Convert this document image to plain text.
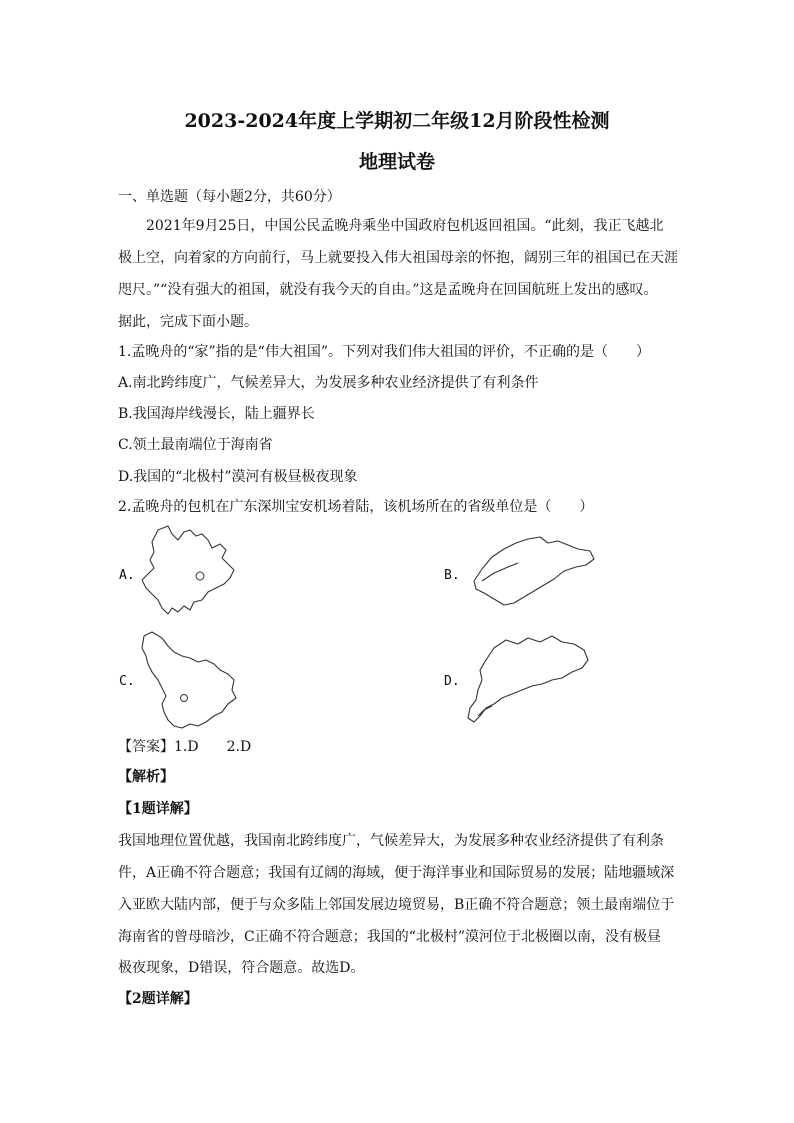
2023-2024年度上学期初二年级12月阶段性检测
地理试卷
一、单选题（每小题2分，共60分）
2021年9月25日，中国公民孟晚舟乘坐中国政府包机返回祖国。“此刻，我正飞越北
极上空，向着家的方向前行，马上就要投入伟大祖国母亲的怀抱，阔别三年的祖国已在天涯
咫尺。”“没有强大的祖国，就没有我今天的自由。”这是孟晚舟在回国航班上发出的感叹。
据此，完成下面小题。
1.孟晚舟的“家”指的是“伟大祖国”。下列对我们伟大祖国的评价，不正确的是（　　）
A.南北跨纬度广，气候差异大，为发展多种农业经济提供了有利条件
B.我国海岸线漫长，陆上疆界长
C.领土最南端位于海南省
D.我国的“北极村”漠河有极昼极夜现象
2.孟晚舟的包机在广东深圳宝安机场着陆，该机场所在的省级单位是（　　）
A.	B.
C.	D.
【答案】1.D　　2.D
【解析】
【1题详解】
我国地理位置优越，我国南北跨纬度广，气候差异大，为发展多种农业经济提供了有利条
件，A正确不符合题意；我国有辽阔的海域，便于海洋事业和国际贸易的发展；陆地疆域深
入亚欧大陆内部，便于与众多陆上邻国发展边境贸易，B正确不符合题意；领土最南端位于
海南省的曾母暗沙，C正确不符合题意；我国的“北极村”漠河位于北极圈以南，没有极昼
极夜现象，D错误，符合题意。故选D。
【2题详解】
